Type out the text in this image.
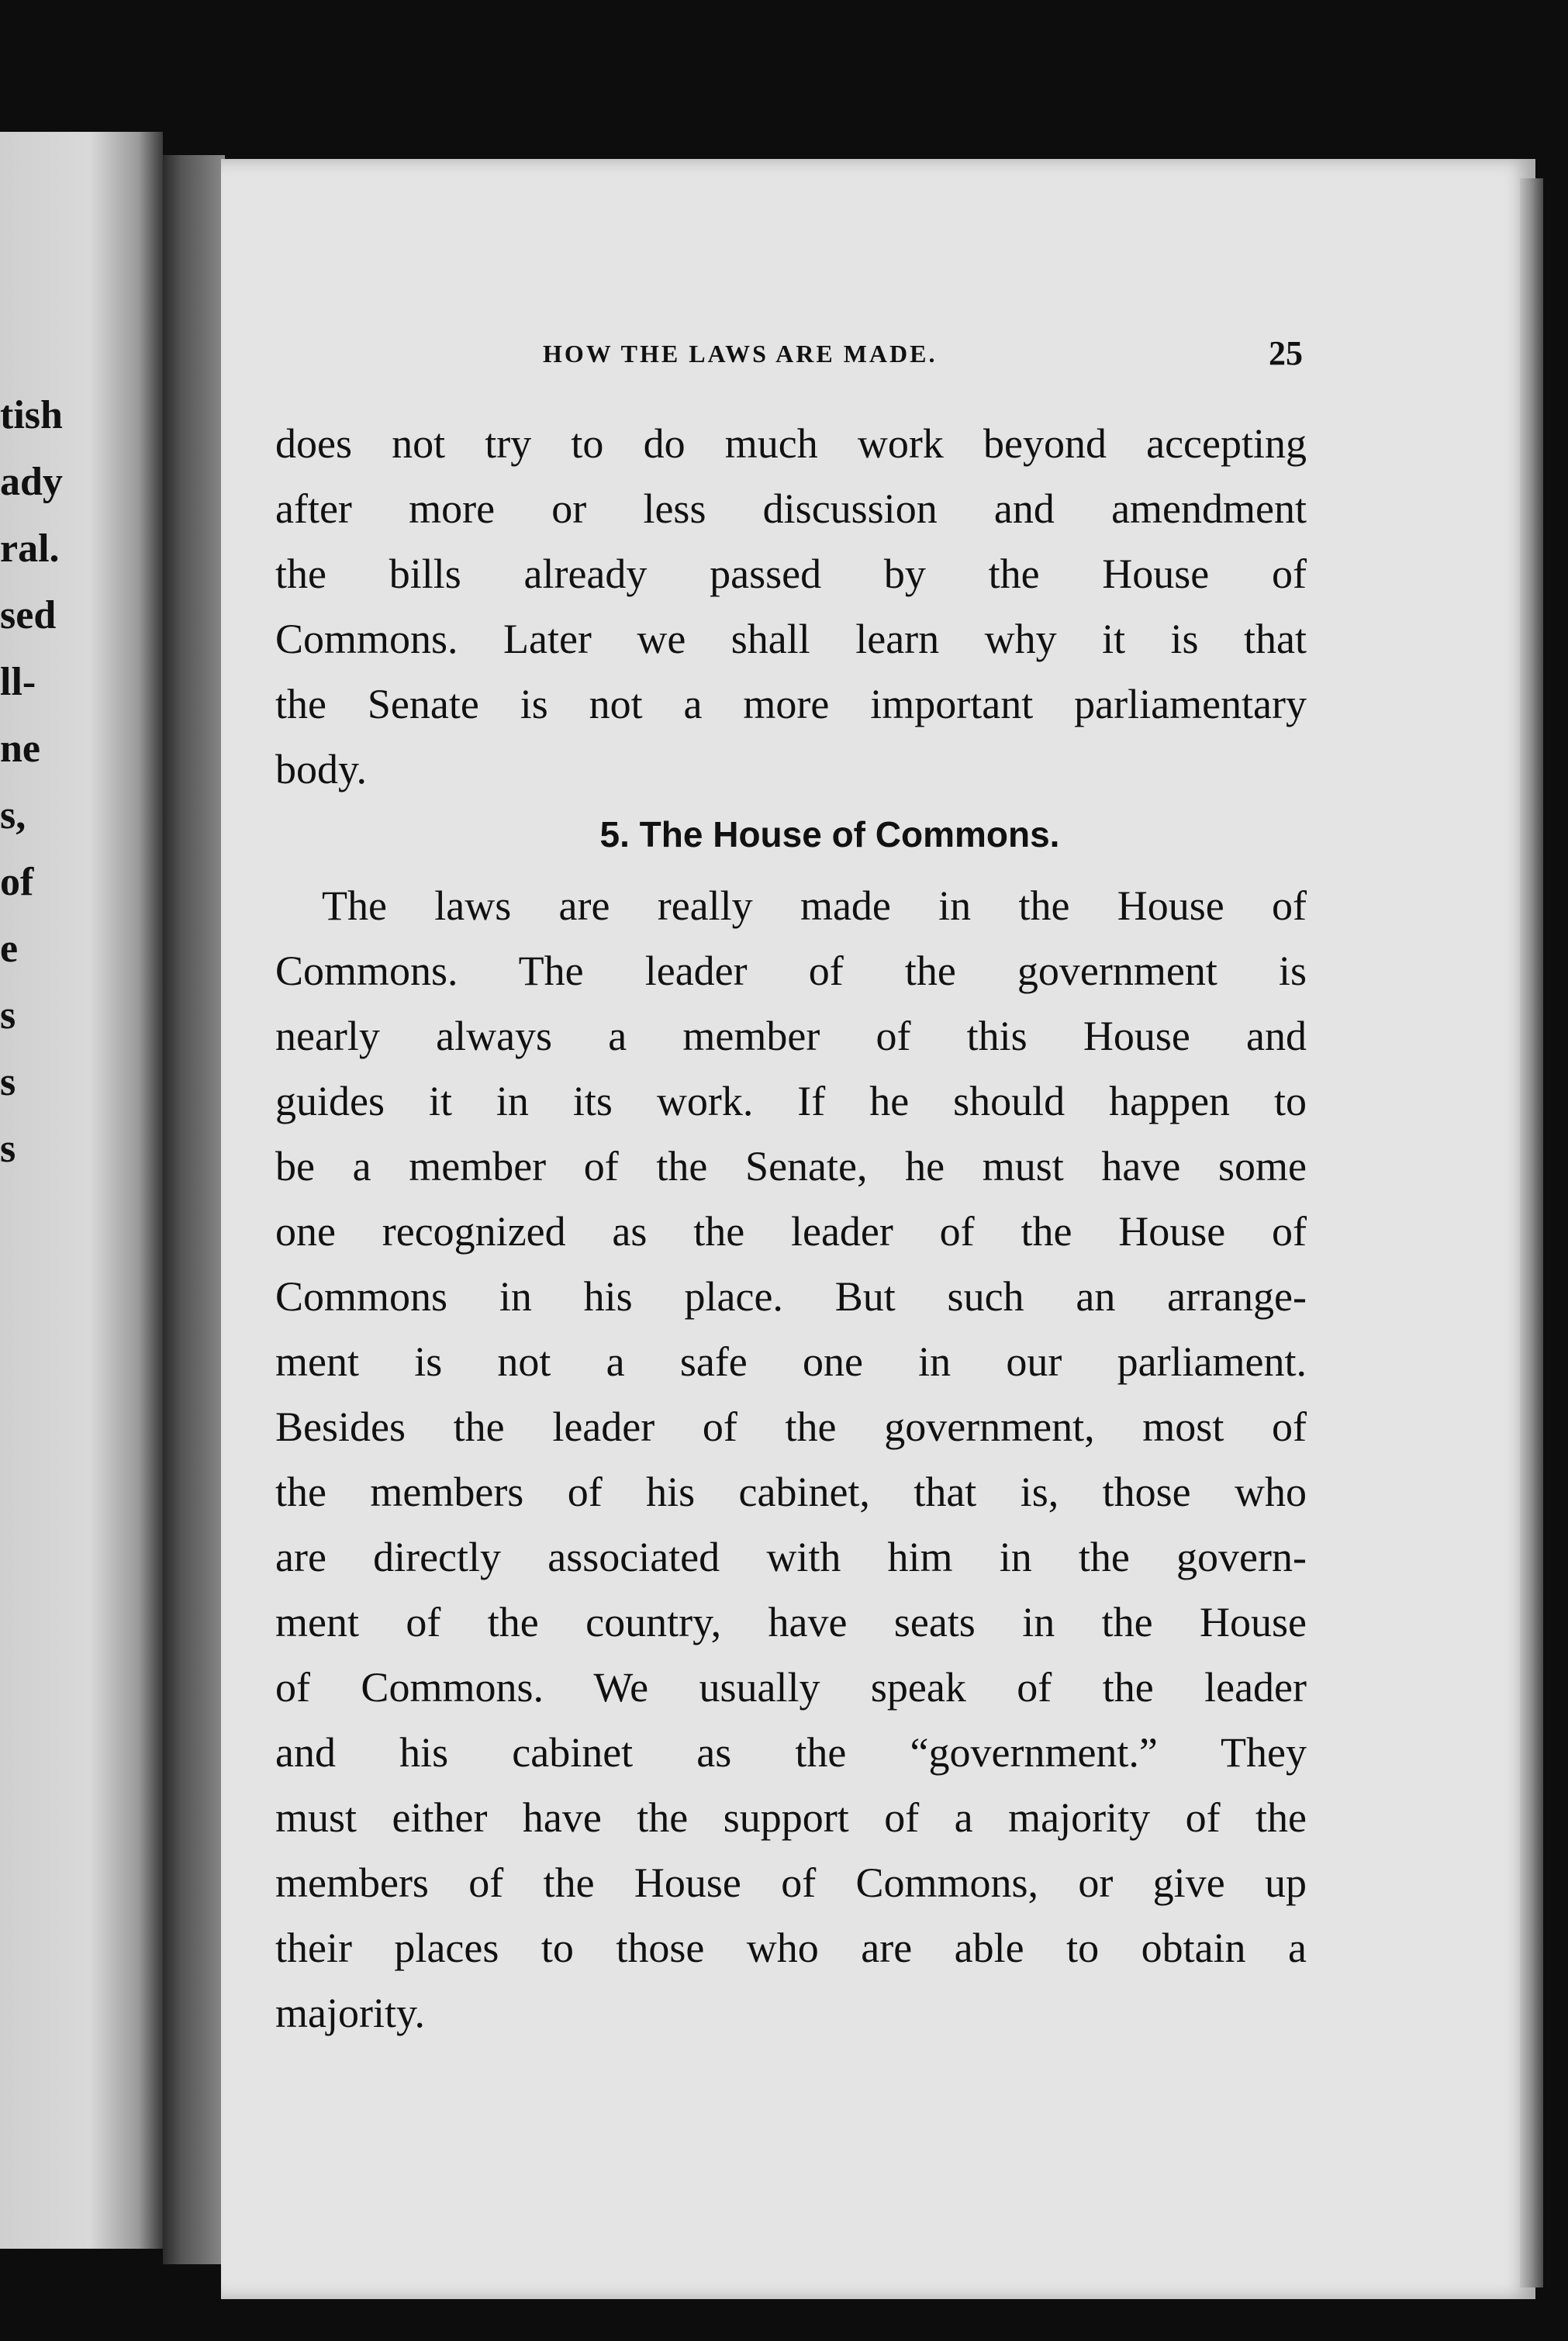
tish
ady
ral.
sed
ll-
ne
s,
of
e
s
s
s
HOW THE LAWS ARE MADE.	25
does not try to do much work beyond accepting
after more or less discussion and amendment
the bills already passed by the House of
Commons. Later we shall learn why it is that
the Senate is not a more important parliamentary
body.
5. The House of Commons.
The laws are really made in the House of
Commons. The leader of the government is
nearly always a member of this House and
guides it in its work. If he should happen to
be a member of the Senate, he must have some
one recognized as the leader of the House of
Commons in his place. But such an arrange-
ment is not a safe one in our parliament.
Besides the leader of the government, most of
the members of his cabinet, that is, those who
are directly associated with him in the govern-
ment of the country, have seats in the House
of Commons. We usually speak of the leader
and his cabinet as the “government.” They
must either have the support of a majority of the
members of the House of Commons, or give up
their places to those who are able to obtain a
majority.
